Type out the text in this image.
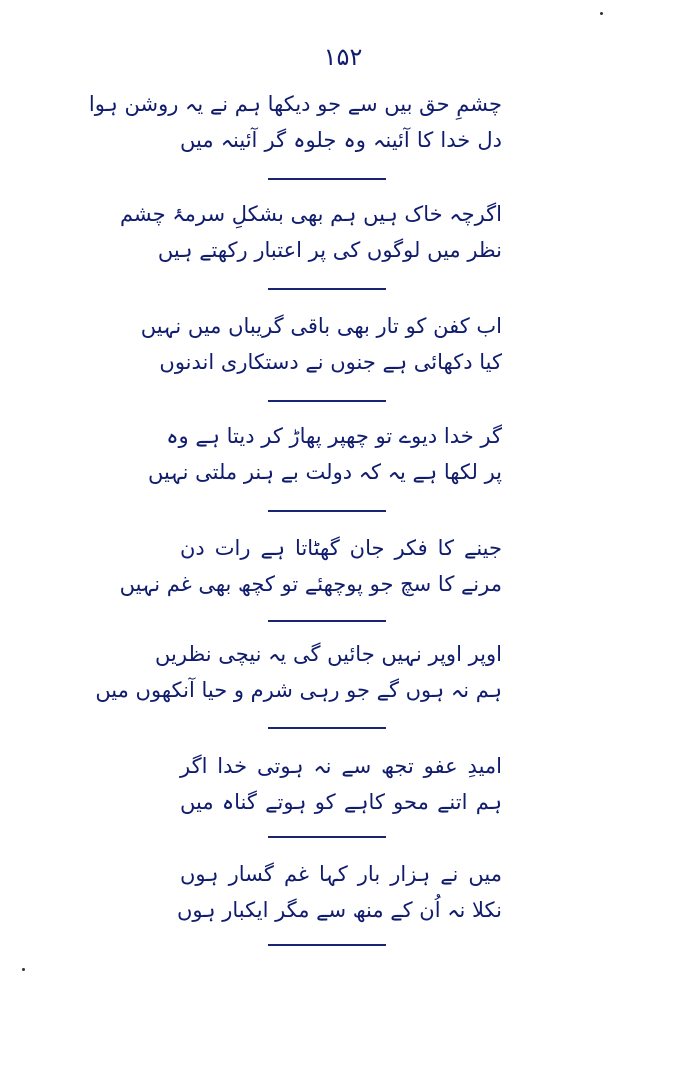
۱۵۲
چشمِ حق بیں سے جو دیکھا ہم نے یہ روشن ہوا
دل خدا کا آئینہ وہ جلوہ گر آئینہ میں
اگرچہ خاک ہیں ہم بھی بشکلِ سرمۂ چشم
نظر میں لوگوں کی پر اعتبار رکھتے ہیں
اب کفن کو تار بھی باقی گریباں میں نہیں
کیا دکھائی ہے جنوں نے دستکاری اندنوں
گر خدا دیوے تو چھپر پھاڑ کر دیتا ہے وہ
پر لکھا ہے یہ کہ دولت بے ہنر ملتی نہیں
جینے کا فکر جان گھٹاتا ہے رات دن
مرنے کا سچ جو پوچھئے تو کچھ بھی غم نہیں
اوپر اوپر نہیں جائیں گی یہ نیچی نظریں
ہم نہ ہوں گے جو رہی شرم و حیا آنکھوں میں
امیدِ عفو تجھ سے نہ ہوتی خدا اگر
ہم اتنے محو کاہے کو ہوتے گناہ میں
میں نے ہزار بار کہا غم گسار ہوں
نکلا نہ اُن کے منھ سے مگر ایکبار ہوں
